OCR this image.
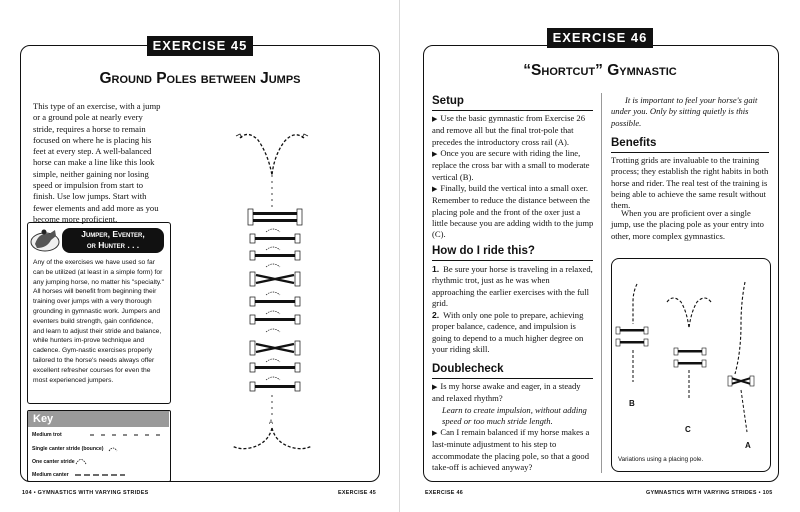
EXERCISE 45
Ground Poles between Jumps
This type of an exercise, with a jump or a ground pole at nearly every stride, requires a horse to remain focused on where he is placing his feet at every step. A well-balanced horse can make a line like this look simple, neither gaining nor losing speed or impulsion from start to finish. Use low jumps. Start with fewer elements and add more as you become more proficient.
Jumper, Eventer,
or Hunter . . .
Any of the exercises we have used so far can be utilized (at least in a simple form) for any jumping horse, no matter his "specialty." All horses will benefit from beginning their training over jumps with a very thorough grounding in gymnastic work. Jumpers and eventers build strength, gain confidence, and learn to adjust their stride and balance, while hunters im-prove technique and cadence. Gym-nastic exercises properly tailored to the horse's needs always offer excellent refresher courses for even the most experienced jumpers.
Key
Medium trot
Single canter stride (bounce)
One canter stride
Medium canter
A
104 • GYMNASTICS WITH VARYING STRIDES	EXERCISE 45
EXERCISE 46
“Shortcut” Gymnastic
Setup
▶ Use the basic gymnastic from Exercise 26 and remove all but the final trot-pole that precedes the introductory cross rail (A).
▶ Once you are secure with riding the line, replace the cross bar with a small to moderate vertical (B).
▶ Finally, build the vertical into a small oxer. Remember to reduce the distance between the placing pole and the front of the oxer just a little because you are adding width to the jump (C).
How do I ride this?
1. Be sure your horse is traveling in a relaxed, rhythmic trot, just as he was when approaching the earlier exercises with the full grid.
2. With only one pole to prepare, achieving proper balance, cadence, and impulsion is going to depend to a much higher degree on your riding skill.
Doublecheck
▶ Is my horse awake and eager, in a steady and relaxed rhythm?

Learn to create impulsion, without adding speed or too much stride length.
▶ Can I remain balanced if my horse makes a last-minute adjustment to his step to accommodate the placing pole, so that a good take-off is achieved anyway?
It is important to feel your horse's gait under you. Only by sitting quietly is this possible.
Benefits
Trotting grids are invaluable to the training process; they establish the right habits in both horse and rider. The real test of the training is being able to achieve the same result without them.
When you are proficient over a single jump, use the placing pole as your entry into other, more complex gymnastics.
B
C
A
Variations using a placing pole.
EXERCISE 46	GYMNASTICS WITH VARYING STRIDES • 105
